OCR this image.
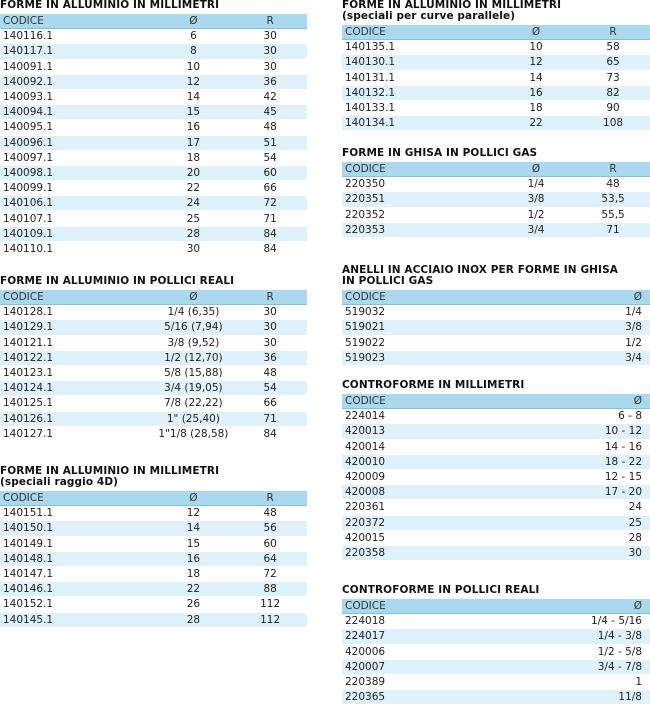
FORME IN ALLUMINIO IN MILLIMETRI
CODICE	Ø	R
140116.1	6	30
140117.1	8	30
140091.1	10	30
140092.1	12	36
140093.1	14	42
140094.1	15	45
140095.1	16	48
140096.1	17	51
140097.1	18	54
140098.1	20	60
140099.1	22	66
140106.1	24	72
140107.1	25	71
140109.1	28	84
140110.1	30	84
FORME IN ALLUMINIO IN POLLICI REALI
CODICE	Ø	R
140128.1	1/4 (6,35)	30
140129.1	5/16 (7,94)	30
140121.1	3/8 (9,52)	30
140122.1	1/2 (12,70)	36
140123.1	5/8 (15,88)	48
140124.1	3/4 (19,05)	54
140125.1	7/8 (22,22)	66
140126.1	1" (25,40)	71
140127.1	1"1/8 (28,58)	84
FORME IN ALLUMINIO IN MILLIMETRI
(speciali raggio 4D)
CODICE	Ø	R
140151.1	12	48
140150.1	14	56
140149.1	15	60
140148.1	16	64
140147.1	18	72
140146.1	22	88
140152.1	26	112
140145.1	28	112
FORME IN ALLUMINIO IN MILLIMETRI
(speciali per curve parallele)
CODICE	Ø	R
140135.1	10	58
140130.1	12	65
140131.1	14	73
140132.1	16	82
140133.1	18	90
140134.1	22	108
FORME IN GHISA IN POLLICI GAS
CODICE	Ø	R
220350	1/4	48
220351	3/8	53,5
220352	1/2	55,5
220353	3/4	71
ANELLI IN ACCIAIO INOX PER FORME IN GHISA
IN POLLICI GAS
CODICE	Ø
519032	1/4
519021	3/8
519022	1/2
519023	3/4
CONTROFORME IN MILLIMETRI
CODICE	Ø
224014	6 - 8
420013	10 - 12
420014	14 - 16
420010	18 - 22
420009	12 - 15
420008	17 - 20
220361	24
220372	25
420015	28
220358	30
CONTROFORME IN POLLICI REALI
CODICE	Ø
224018	1/4 - 5/16
224017	1/4 - 3/8
420006	1/2 - 5/8
420007	3/4 - 7/8
220389	1
220365	11/8
